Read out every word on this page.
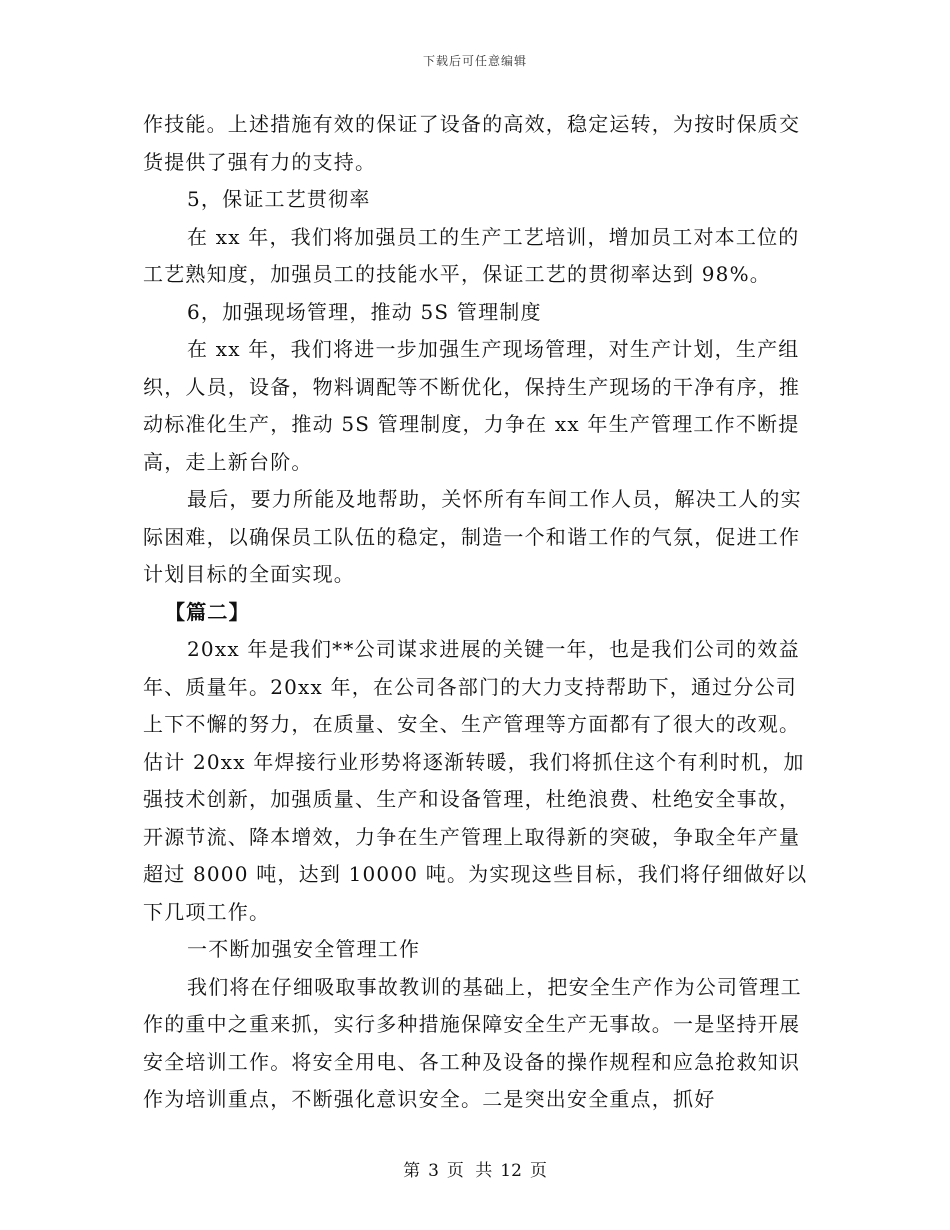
下载后可任意编辑

作技能。上述措施有效的保证了设备的高效，稳定运转，为按时保质交货提供了强有力的支持。

5，保证工艺贯彻率

在 xx 年，我们将加强员工的生产工艺培训，增加员工对本工位的工艺熟知度，加强员工的技能水平，保证工艺的贯彻率达到 98%。

6，加强现场管理，推动 5S 管理制度

在 xx 年，我们将进一步加强生产现场管理，对生产计划，生产组织，人员，设备，物料调配等不断优化，保持生产现场的干净有序，推动标准化生产，推动 5S 管理制度，力争在 xx 年生产管理工作不断提高，走上新台阶。

最后，要力所能及地帮助，关怀所有车间工作人员，解决工人的实际困难，以确保员工队伍的稳定，制造一个和谐工作的气氛，促进工作计划目标的全面实现。

【篇二】

20xx 年是我们**公司谋求进展的关键一年，也是我们公司的效益年、质量年。20xx 年，在公司各部门的大力支持帮助下，通过分公司上下不懈的努力，在质量、安全、生产管理等方面都有了很大的改观。估计 20xx 年焊接行业形势将逐渐转暖，我们将抓住这个有利时机，加强技术创新，加强质量、生产和设备管理，杜绝浪费、杜绝安全事故，开源节流、降本增效，力争在生产管理上取得新的突破，争取全年产量超过 8000 吨，达到 10000 吨。为实现这些目标，我们将仔细做好以下几项工作。

一不断加强安全管理工作

我们将在仔细吸取事故教训的基础上，把安全生产作为公司管理工作的重中之重来抓，实行多种措施保障安全生产无事故。一是坚持开展安全培训工作。将安全用电、各工种及设备的操作规程和应急抢救知识作为培训重点，不断强化意识安全。二是突出安全重点，抓好

第 3 页 共 12 页
